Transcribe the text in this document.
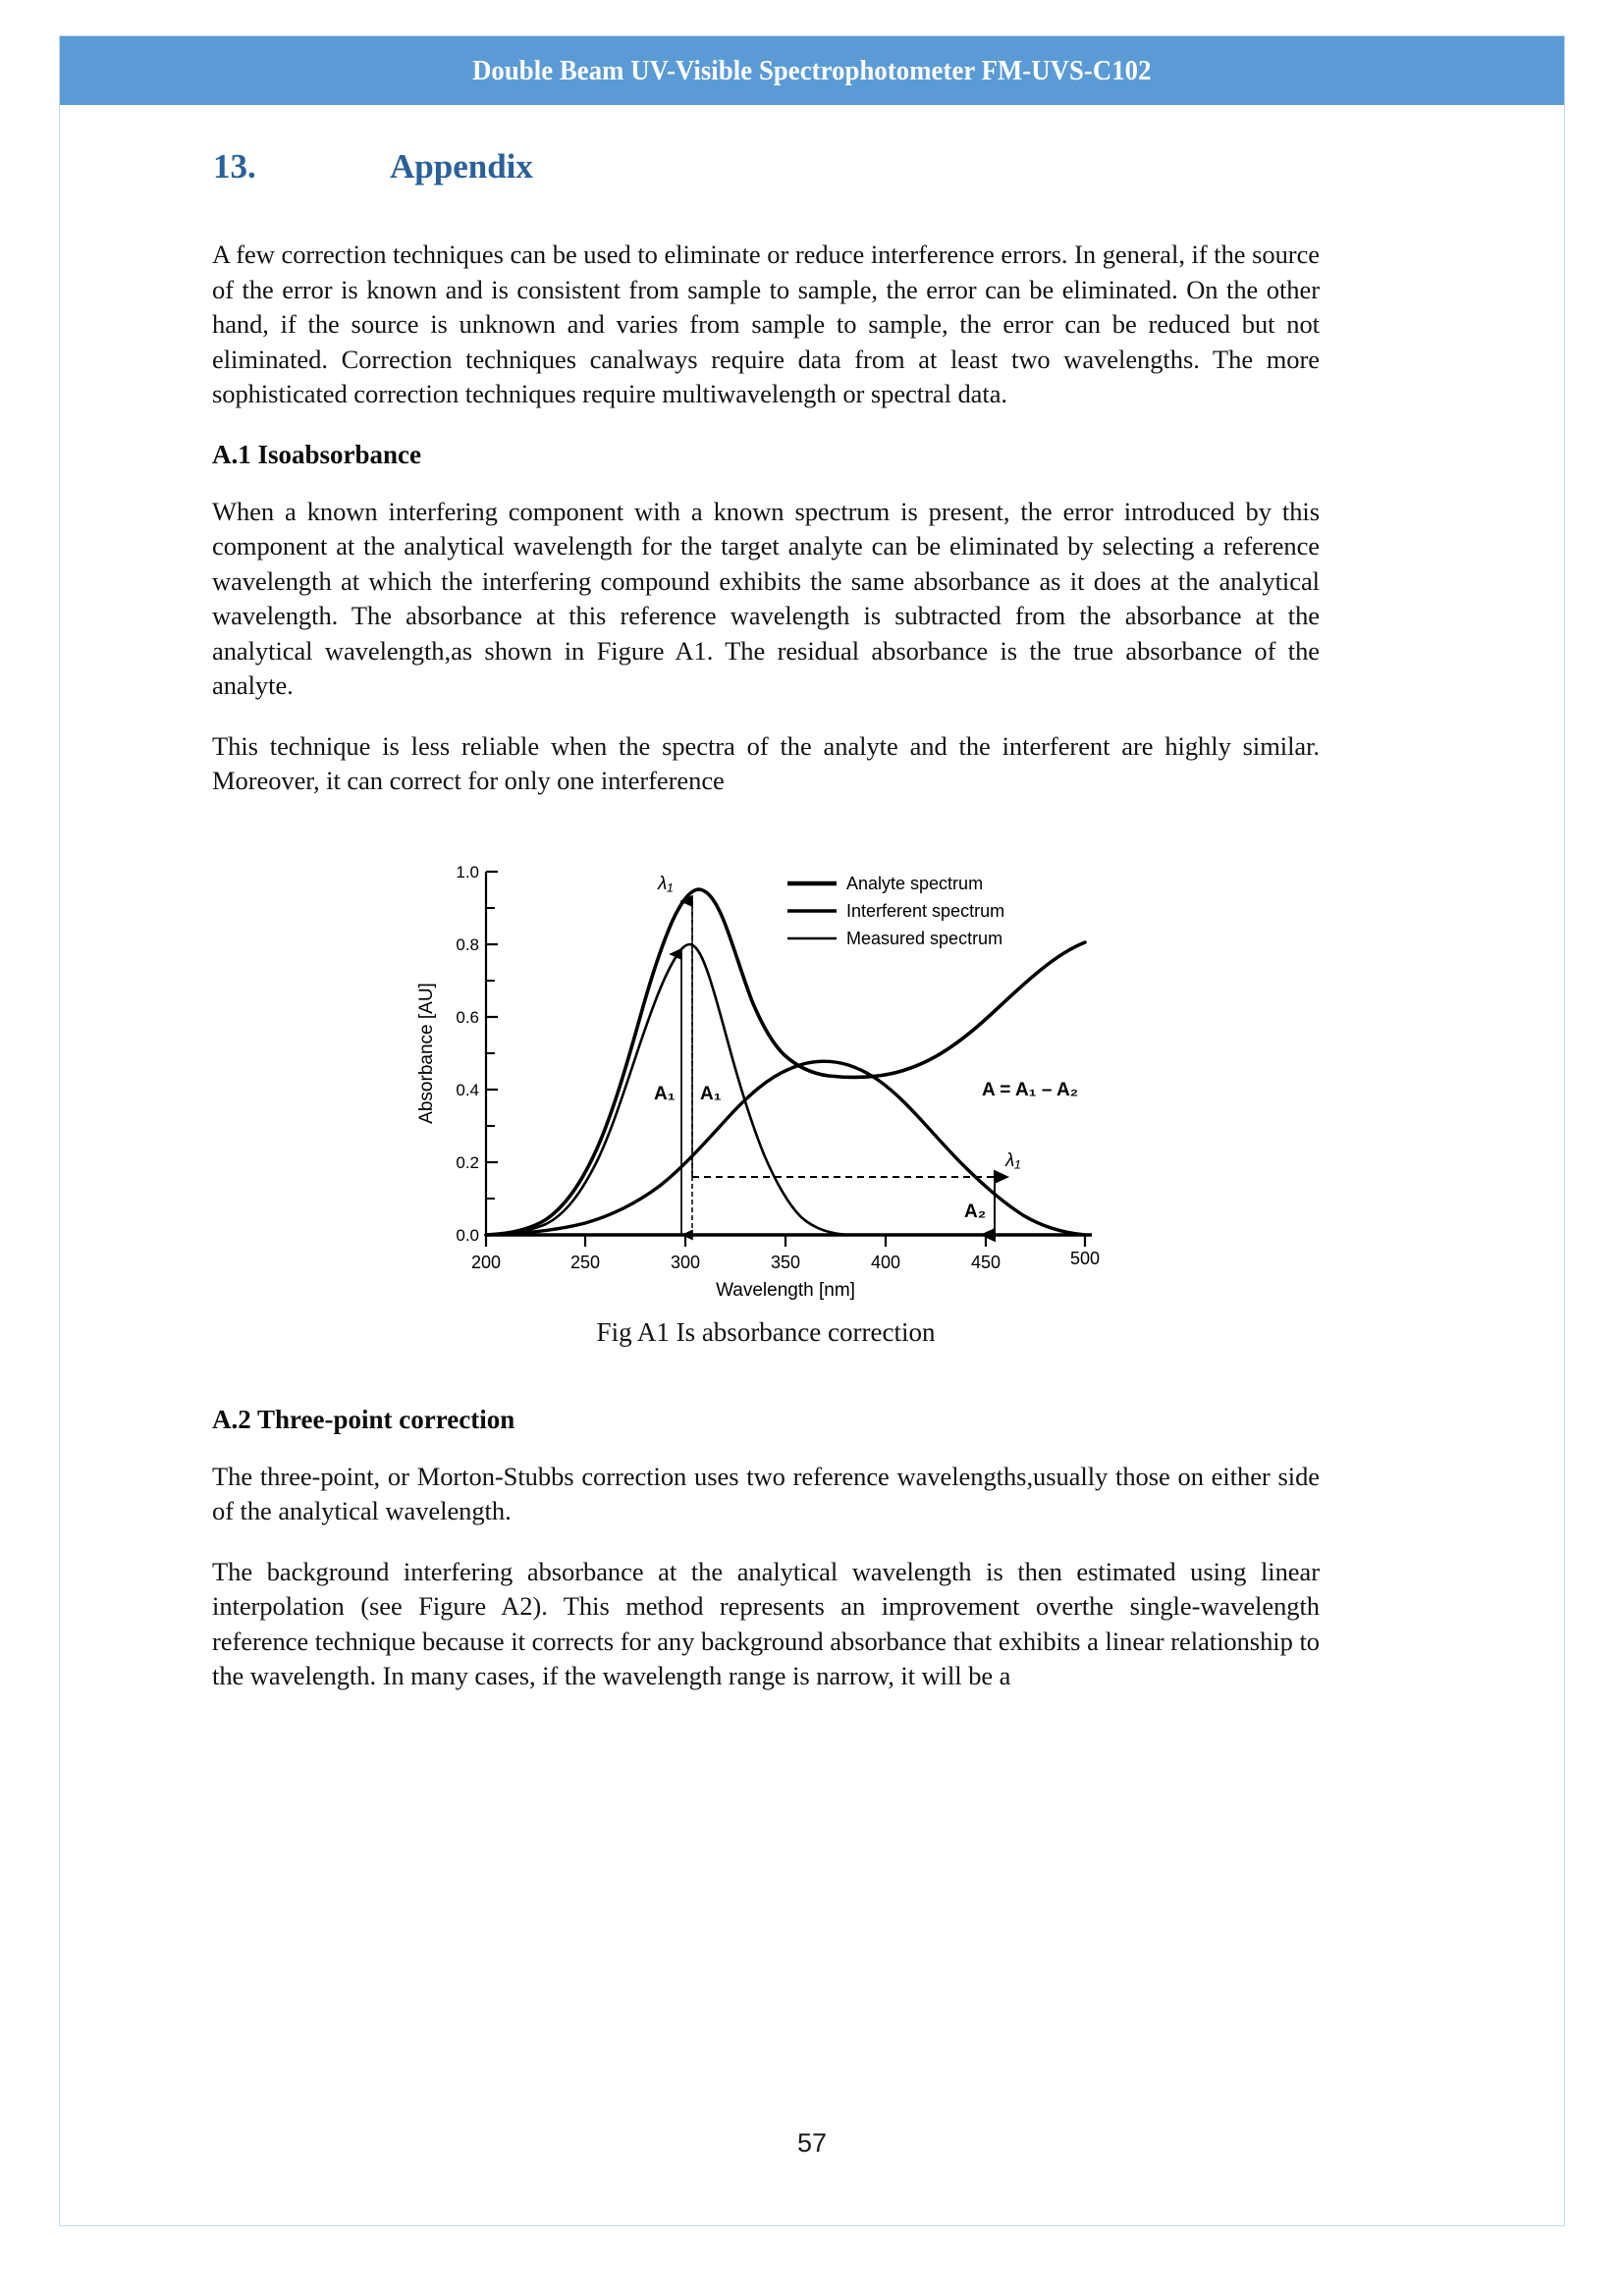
Double Beam UV-Visible Spectrophotometer FM-UVS-C102
13.	Appendix

A few correction techniques can be used to eliminate or reduce interference errors. In general, if the source of the error is known and is consistent from sample to sample, the error can be eliminated. On the other hand, if the source is unknown and varies from sample to sample, the error can be reduced but not eliminated. Correction techniques canalways require data from at least two wavelengths. The more sophisticated correction techniques require multiwavelength or spectral data.

A.1 Isoabsorbance

When a known interfering component with a known spectrum is present, the error introduced by this component at the analytical wavelength for the target analyte can be eliminated by selecting a reference wavelength at which the interfering compound exhibits the same absorbance as it does at the analytical wavelength. The absorbance at this reference wavelength is subtracted from the absorbance at the analytical wavelength,as shown in Figure A1. The residual absorbance is the true absorbance of the analyte.

This technique is less reliable when the spectra of the analyte and the interferent are highly similar. Moreover, it can correct for only one interference

0.0
0.2
0.4
0.6
0.8
1.0
200	250	300	350	400	450	500
Wavelength [nm]
Absorbance [AU]
λ₁
A₁ A₁	A = A₁ – A₂
λ₁
A₂
Analyte spectrum
Interferent spectrum
Measured spectrum
Fig A1 Is absorbance correction
A.2 Three-point correction

The three-point, or Morton-Stubbs correction uses two reference wavelengths,usually those on either side of the analytical wavelength.

The background interfering absorbance at the analytical wavelength is then estimated using linear interpolation (see Figure A2). This method represents an improvement overthe single-wavelength reference technique because it corrects for any background absorbance that exhibits a linear relationship to the wavelength. In many cases, if the wavelength range is narrow, it will be a

57
